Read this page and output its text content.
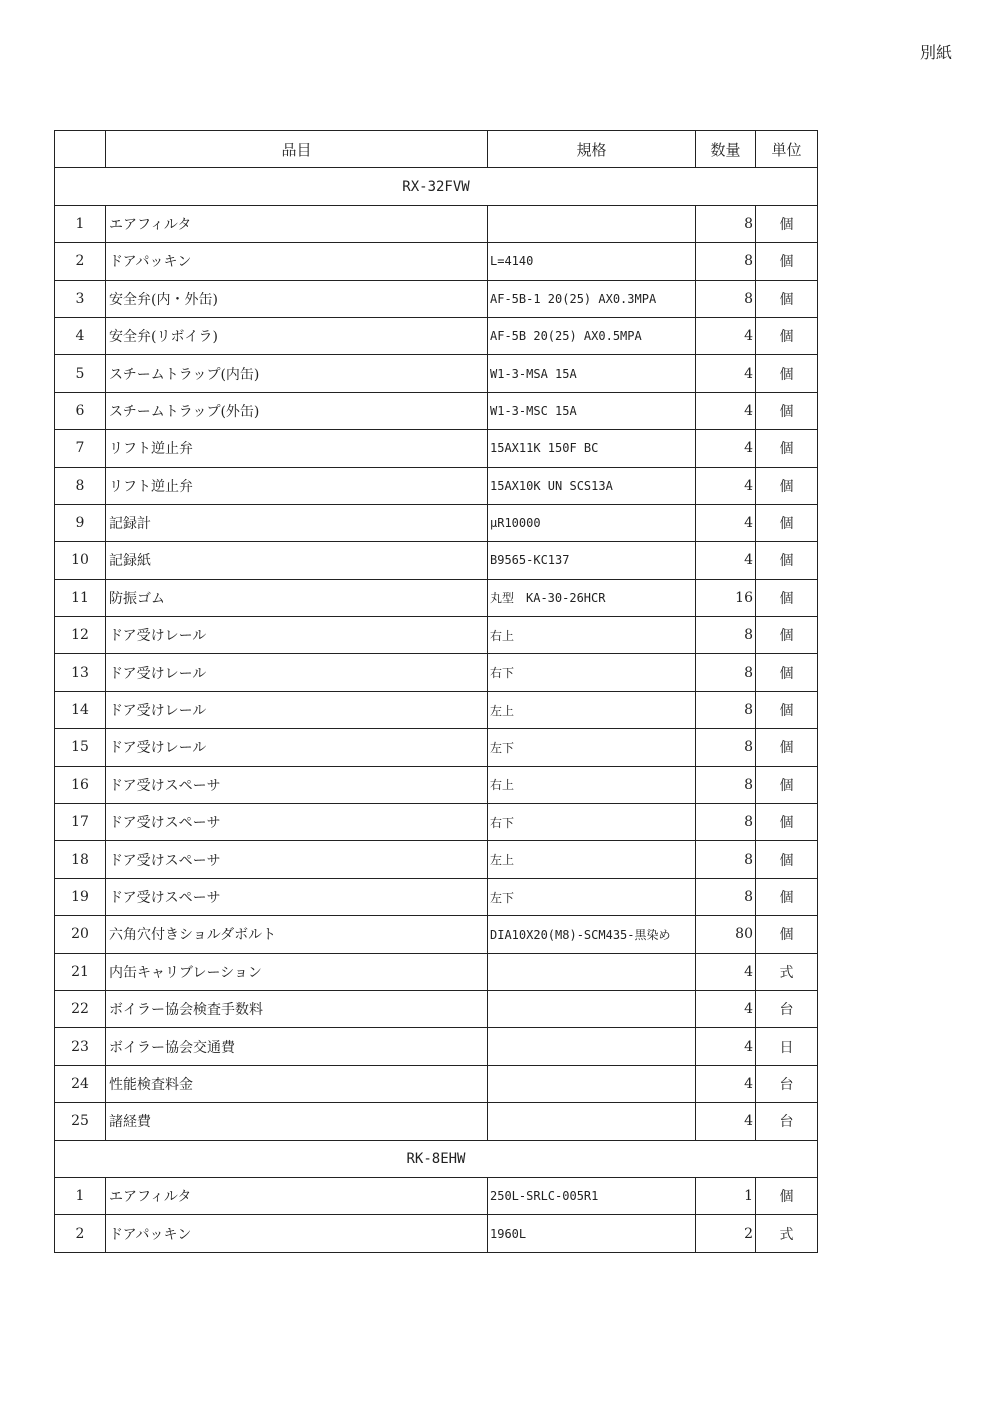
別紙
	品目	規格	数量	単位
RX-32FVW				
1	エアフィルタ		8	個
2	ドアパッキン	L=4140	8	個
3	安全弁(内・外缶)	AF-5B-1 20(25) AX0.3MPA	8	個
4	安全弁(リボイラ)	AF-5B 20(25) AX0.5MPA	4	個
5	スチームトラップ(内缶)	W1-3-MSA 15A	4	個
6	スチームトラップ(外缶)	W1-3-MSC 15A	4	個
7	リフト逆止弁	15AX11K 150F BC	4	個
8	リフト逆止弁	15AX10K UN SCS13A	4	個
9	記録計	μR10000	4	個
10	記録紙	B9565-KC137	4	個
11	防振ゴム	丸型　KA-30-26HCR	16	個
12	ドア受けレール	右上	8	個
13	ドア受けレール	右下	8	個
14	ドア受けレール	左上	8	個
15	ドア受けレール	左下	8	個
16	ドア受けスペーサ	右上	8	個
17	ドア受けスペーサ	右下	8	個
18	ドア受けスペーサ	左上	8	個
19	ドア受けスペーサ	左下	8	個
20	六角穴付きショルダボルト	DIA10X20(M8)-SCM435-黒染め	80	個
21	内缶キャリブレーション		4	式
22	ボイラー協会検査手数料		4	台
23	ボイラー協会交通費		4	日
24	性能検査料金		4	台
25	諸経費		4	台
RK-8EHW				
1	エアフィルタ	250L-SRLC-005R1	1	個
2	ドアパッキン	1960L	2	式
